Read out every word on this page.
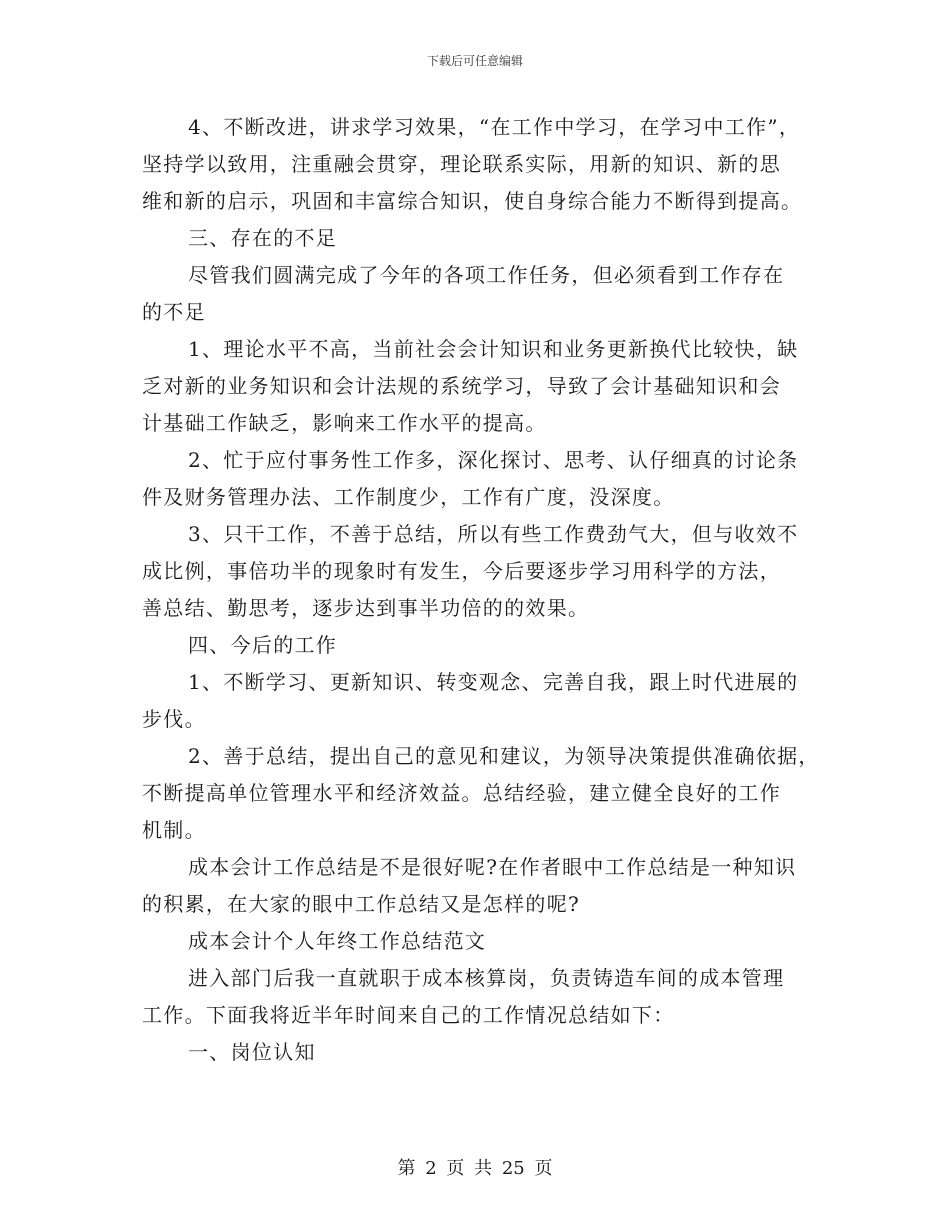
下载后可任意编辑
4、不断改进，讲求学习效果，“在工作中学习，在学习中工作”，
坚持学以致用，注重融会贯穿，理论联系实际，用新的知识、新的思
维和新的启示，巩固和丰富综合知识，使自身综合能力不断得到提高。
三、存在的不足
尽管我们圆满完成了今年的各项工作任务，但必须看到工作存在
的不足
1、理论水平不高，当前社会会计知识和业务更新换代比较快，缺
乏对新的业务知识和会计法规的系统学习，导致了会计基础知识和会
计基础工作缺乏，影响来工作水平的提高。
2、忙于应付事务性工作多，深化探讨、思考、认仔细真的讨论条
件及财务管理办法、工作制度少，工作有广度，没深度。
3、只干工作，不善于总结，所以有些工作费劲气大，但与收效不
成比例，事倍功半的现象时有发生，今后要逐步学习用科学的方法，
善总结、勤思考，逐步达到事半功倍的的效果。
四、今后的工作
1、不断学习、更新知识、转变观念、完善自我，跟上时代进展的
步伐。
2、善于总结，提出自己的意见和建议，为领导决策提供准确依据，
不断提高单位管理水平和经济效益。总结经验，建立健全良好的工作
机制。
成本会计工作总结是不是很好呢?在作者眼中工作总结是一种知识
的积累，在大家的眼中工作总结又是怎样的呢?
成本会计个人年终工作总结范文
进入部门后我一直就职于成本核算岗，负责铸造车间的成本管理
工作。下面我将近半年时间来自己的工作情况总结如下：
一、岗位认知
第 2 页 共 25 页
